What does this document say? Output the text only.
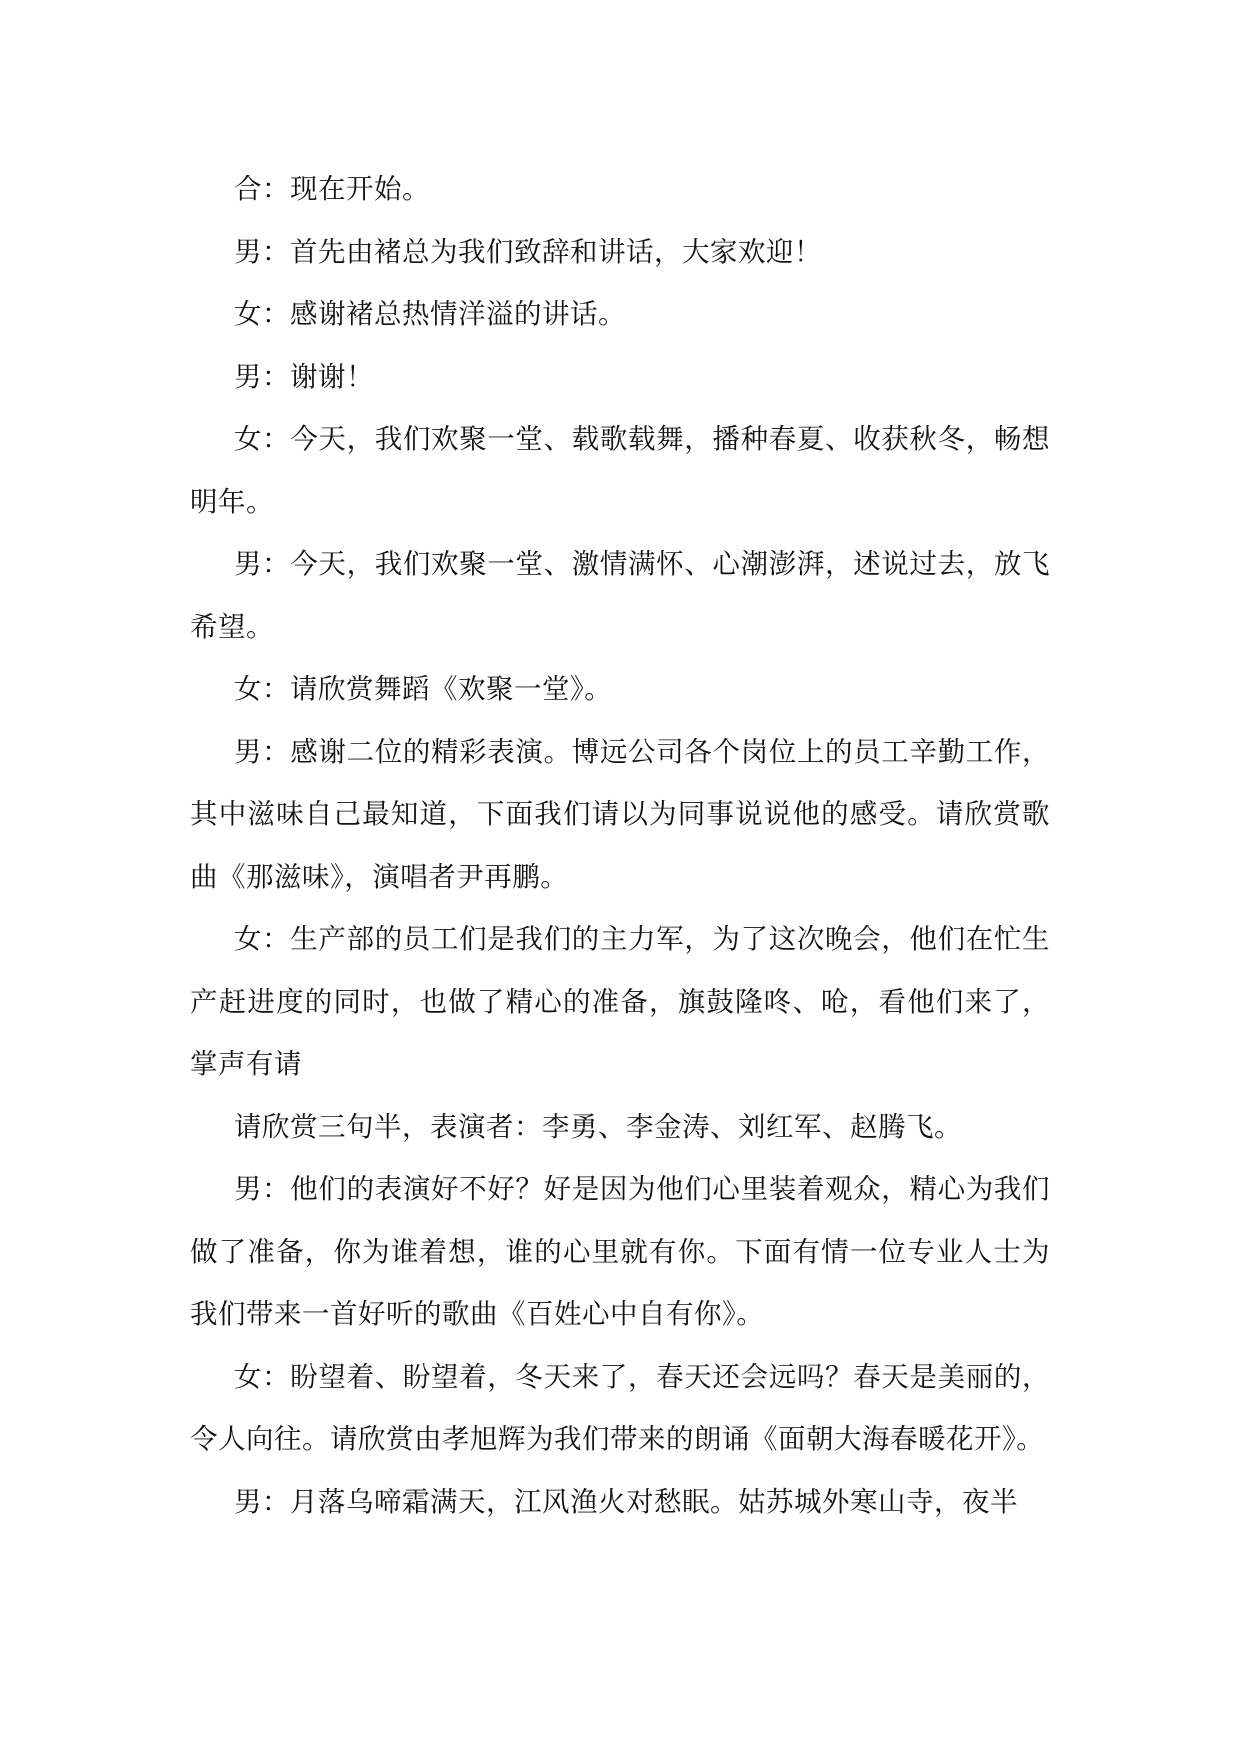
合：现在开始。

男：首先由褚总为我们致辞和讲话，大家欢迎！

女：感谢褚总热情洋溢的讲话。

男：谢谢！

女：今天，我们欢聚一堂、载歌载舞，播种春夏、收获秋冬，畅想明年。

男：今天，我们欢聚一堂、激情满怀、心潮澎湃，述说过去，放飞希望。

女：请欣赏舞蹈《欢聚一堂》。

男：感谢二位的精彩表演。博远公司各个岗位上的员工辛勤工作，其中滋味自己最知道，下面我们请以为同事说说他的感受。请欣赏歌曲《那滋味》，演唱者尹再鹏。

女：生产部的员工们是我们的主力军，为了这次晚会，他们在忙生产赶进度的同时，也做了精心的准备，旗鼓隆咚、呛，看他们来了，掌声有请

请欣赏三句半，表演者：李勇、李金涛、刘红军、赵腾飞。

男：他们的表演好不好？好是因为他们心里装着观众，精心为我们做了准备，你为谁着想，谁的心里就有你。下面有情一位专业人士为我们带来一首好听的歌曲《百姓心中自有你》。

女：盼望着、盼望着，冬天来了，春天还会远吗？春天是美丽的，令人向往。请欣赏由孝旭辉为我们带来的朗诵《面朝大海春暖花开》。

男：月落乌啼霜满天，江风渔火对愁眠。姑苏城外寒山寺，夜半
